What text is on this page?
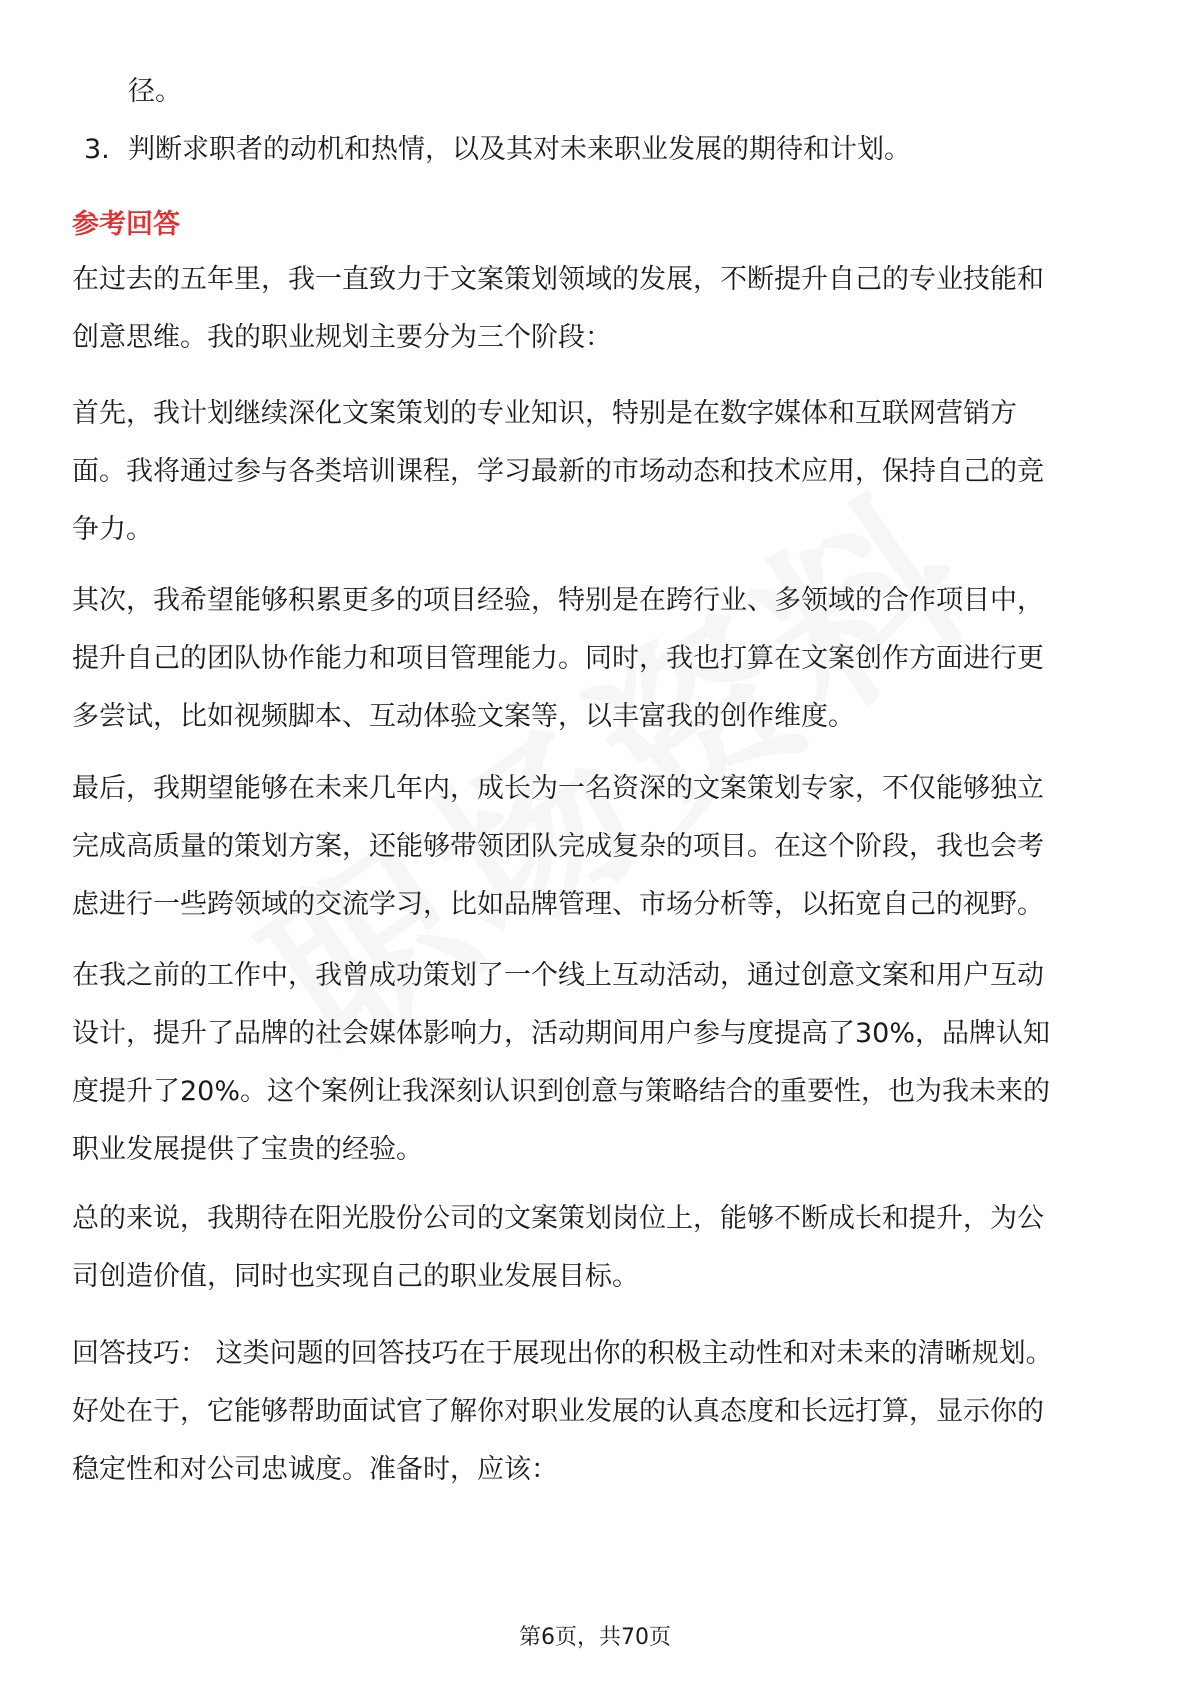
径。
3. 判断求职者的动机和热情，以及其对未来职业发展的期待和计划。
参考回答
在过去的五年里，我一直致力于文案策划领域的发展，不断提升自己的专业技能和
创意思维。我的职业规划主要分为三个阶段：
首先，我计划继续深化文案策划的专业知识，特别是在数字媒体和互联网营销方
面。我将通过参与各类培训课程，学习最新的市场动态和技术应用，保持自己的竞
争力。
其次，我希望能够积累更多的项目经验，特别是在跨行业、多领域的合作项目中，
提升自己的团队协作能力和项目管理能力。同时，我也打算在文案创作方面进行更
多尝试，比如视频脚本、互动体验文案等，以丰富我的创作维度。
最后，我期望能够在未来几年内，成长为一名资深的文案策划专家，不仅能够独立
完成高质量的策划方案，还能够带领团队完成复杂的项目。在这个阶段，我也会考
虑进行一些跨领域的交流学习，比如品牌管理、市场分析等，以拓宽自己的视野。
在我之前的工作中，我曾成功策划了一个线上互动活动，通过创意文案和用户互动
设计，提升了品牌的社会媒体影响力，活动期间用户参与度提高了30%，品牌认知
度提升了20%。这个案例让我深刻认识到创意与策略结合的重要性，也为我未来的
职业发展提供了宝贵的经验。
总的来说，我期待在阳光股份公司的文案策划岗位上，能够不断成长和提升，为公
司创造价值，同时也实现自己的职业发展目标。
回答技巧： 这类问题的回答技巧在于展现出你的积极主动性和对未来的清晰规划。
好处在于，它能够帮助面试官了解你对职业发展的认真态度和长远打算，显示你的
稳定性和对公司忠诚度。准备时，应该：
第6页，共70页
